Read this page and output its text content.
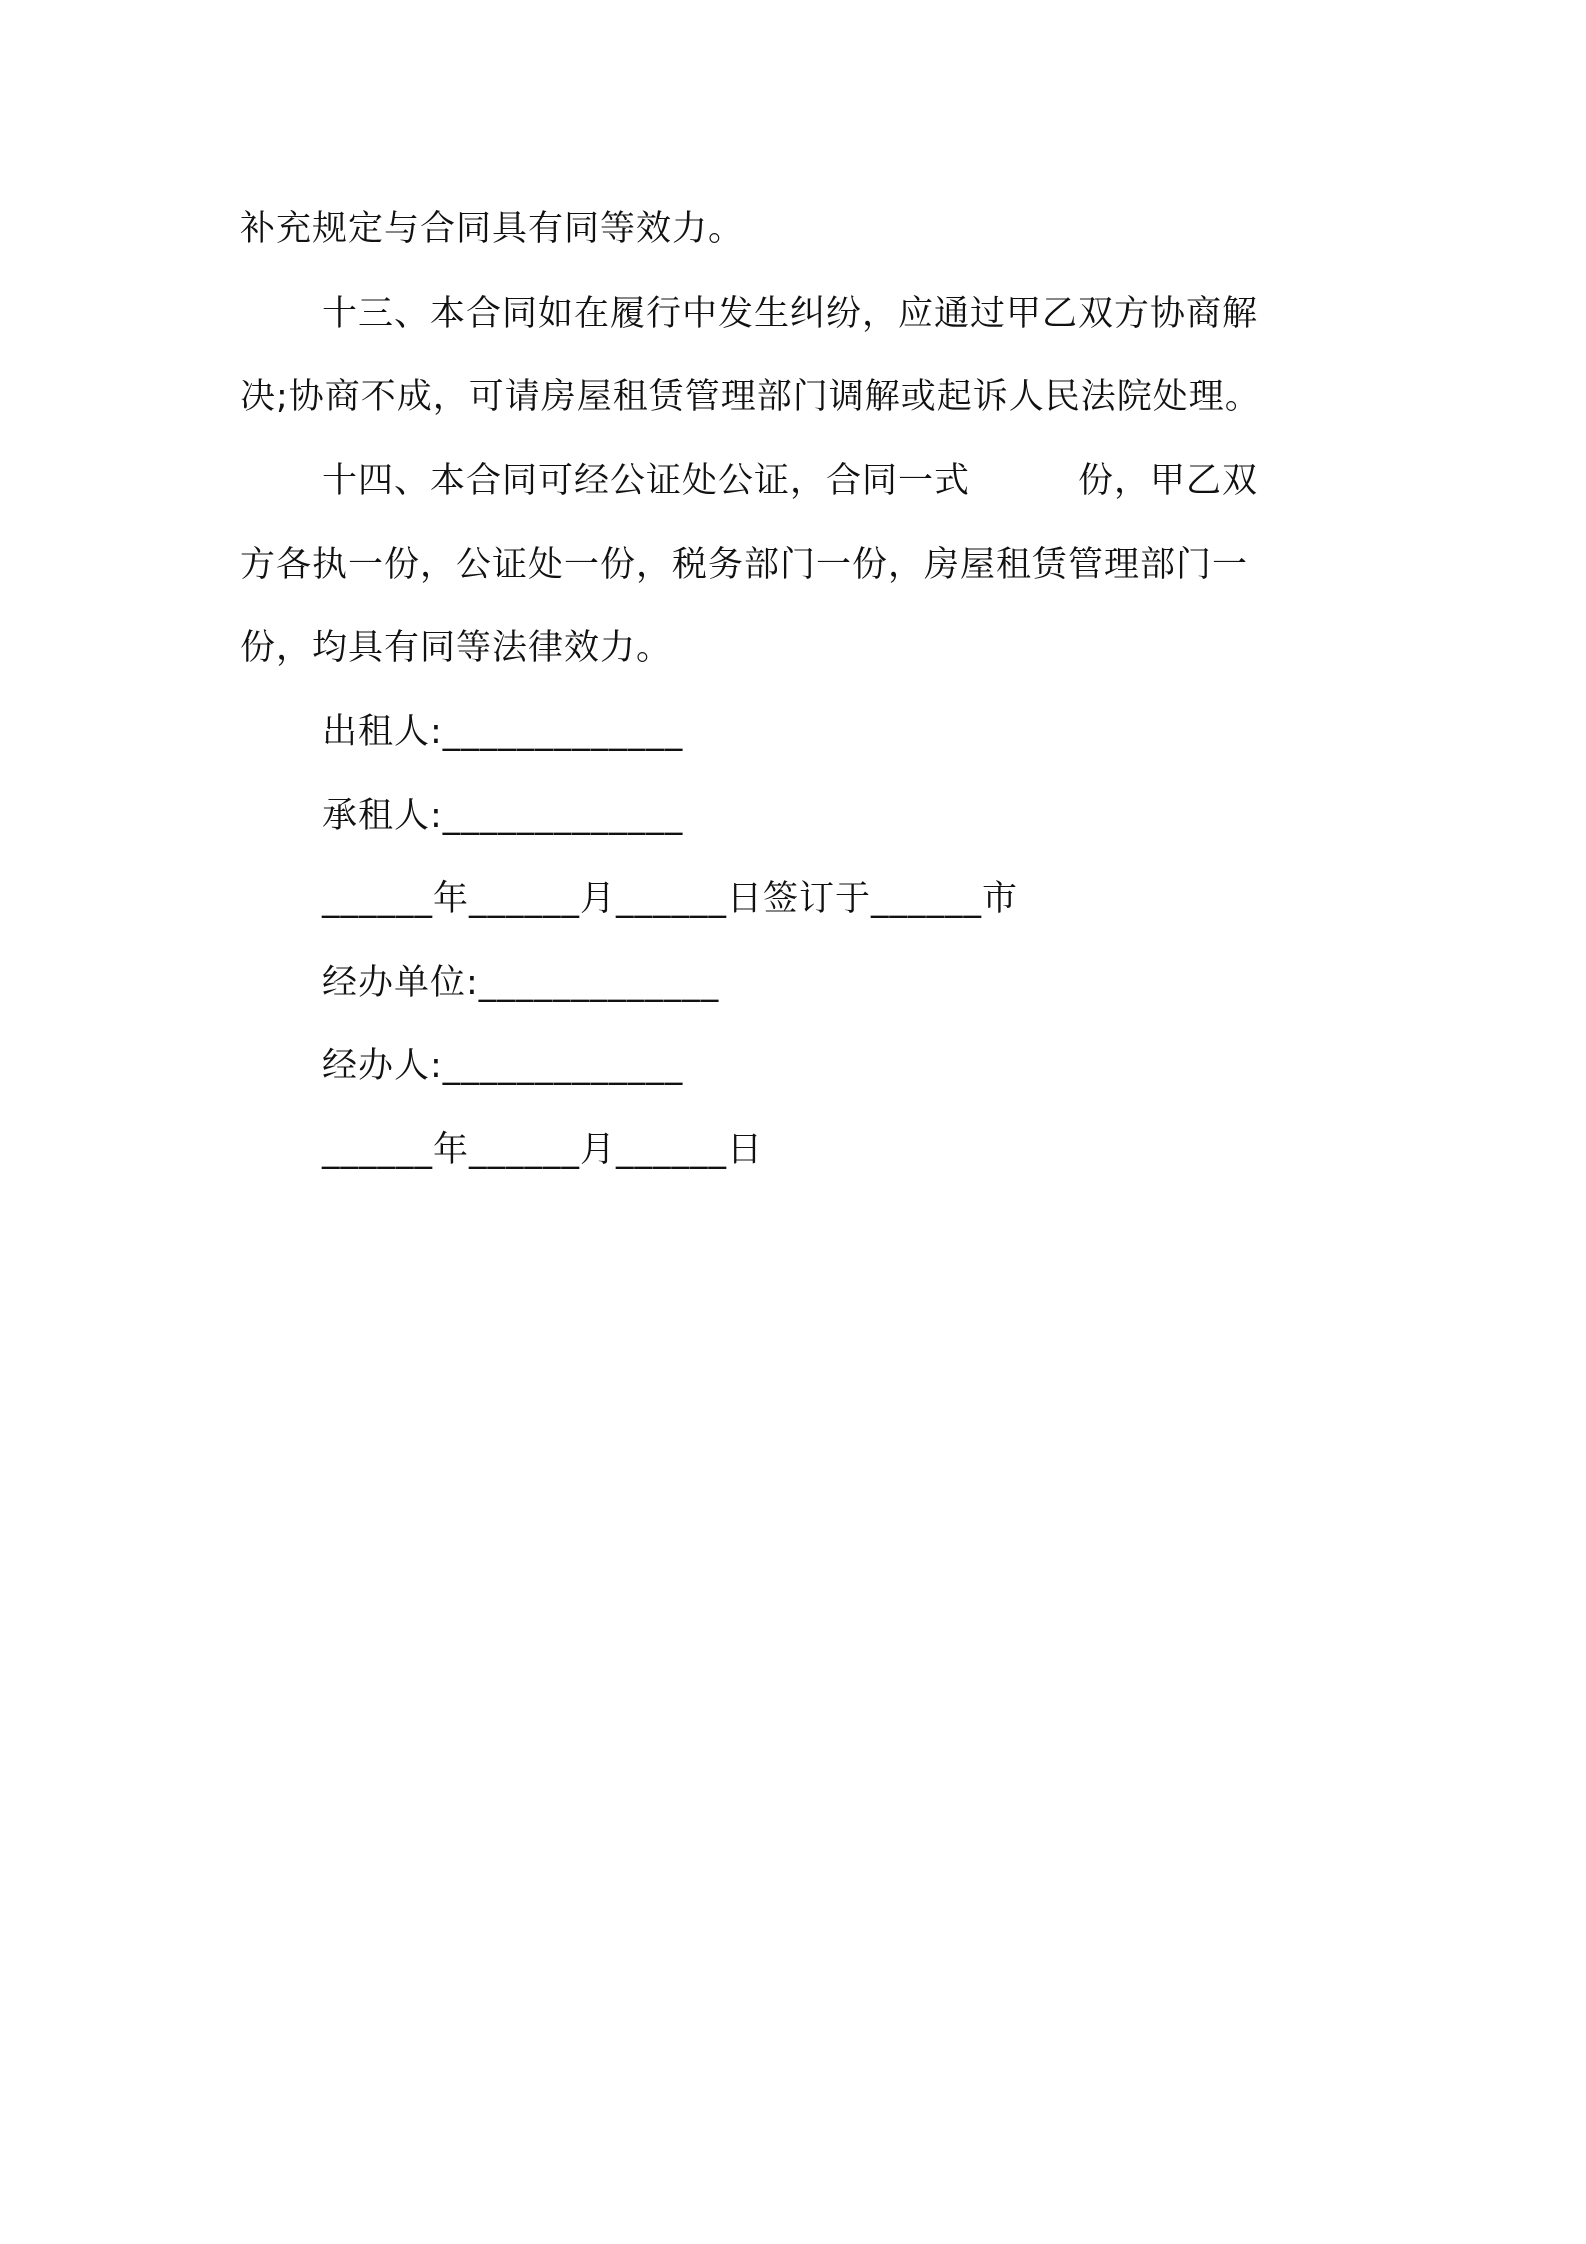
补充规定与合同具有同等效力。
十三、本合同如在履行中发生纠纷，应通过甲乙双方协商解
决;协商不成，可请房屋租赁管理部门调解或起诉人民法院处理。
十四、本合同可经公证处公证，合同一式　　　份，甲乙双
方各执一份，公证处一份，税务部门一份，房屋租赁管理部门一
份，均具有同等法律效力。
出租人:_____________
承租人:_____________
______年______月______日签订于______市
经办单位:_____________
经办人:_____________
______年______月______日
